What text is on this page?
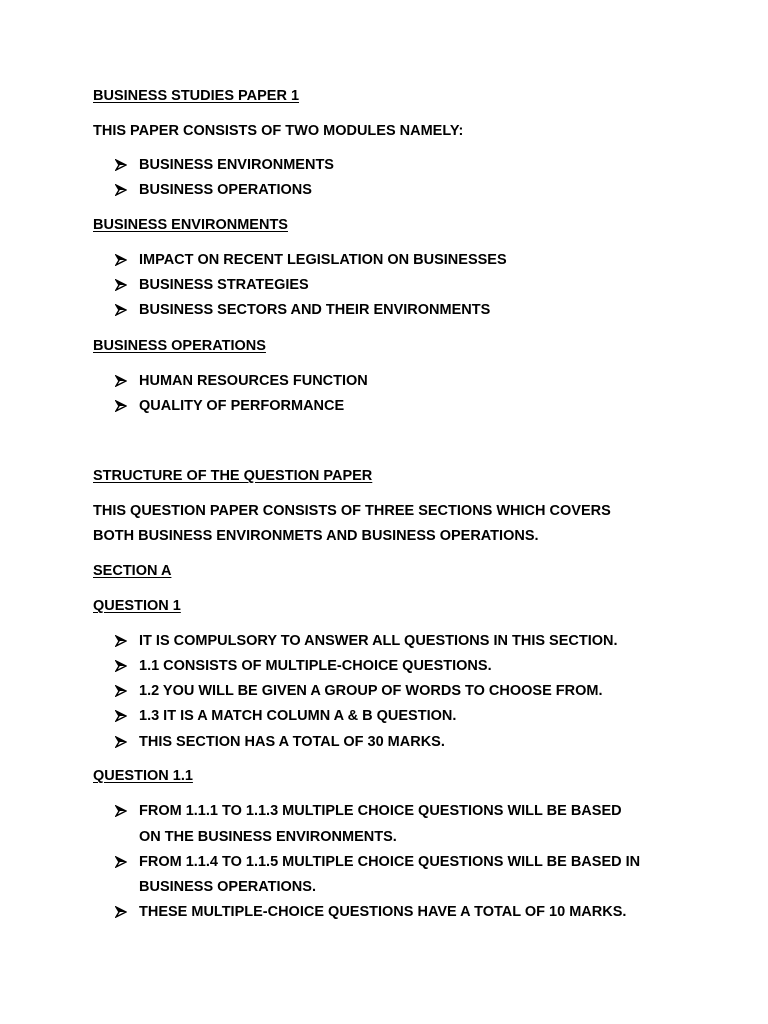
BUSINESS STUDIES PAPER 1
THIS PAPER CONSISTS OF TWO MODULES NAMELY:
BUSINESS ENVIRONMENTS
BUSINESS OPERATIONS
BUSINESS ENVIRONMENTS
IMPACT ON RECENT LEGISLATION ON BUSINESSES
BUSINESS STRATEGIES
BUSINESS SECTORS AND THEIR ENVIRONMENTS
BUSINESS OPERATIONS
HUMAN RESOURCES FUNCTION
QUALITY OF PERFORMANCE
STRUCTURE OF THE QUESTION PAPER
THIS QUESTION PAPER CONSISTS OF THREE SECTIONS WHICH COVERS
BOTH BUSINESS ENVIRONMETS AND BUSINESS OPERATIONS.
SECTION A
QUESTION 1
IT IS COMPULSORY TO ANSWER ALL QUESTIONS IN THIS SECTION.
1.1 CONSISTS OF MULTIPLE-CHOICE QUESTIONS.
1.2 YOU WILL BE GIVEN A GROUP OF WORDS TO CHOOSE FROM.
1.3 IT IS A MATCH COLUMN A & B QUESTION.
THIS SECTION HAS A TOTAL OF 30 MARKS.
QUESTION 1.1
FROM 1.1.1 TO 1.1.3 MULTIPLE CHOICE QUESTIONS WILL BE BASED
ON THE BUSINESS ENVIRONMENTS.
FROM 1.1.4 TO 1.1.5 MULTIPLE CHOICE QUESTIONS WILL BE BASED IN
BUSINESS OPERATIONS.
THESE MULTIPLE-CHOICE QUESTIONS HAVE A TOTAL OF 10 MARKS.
